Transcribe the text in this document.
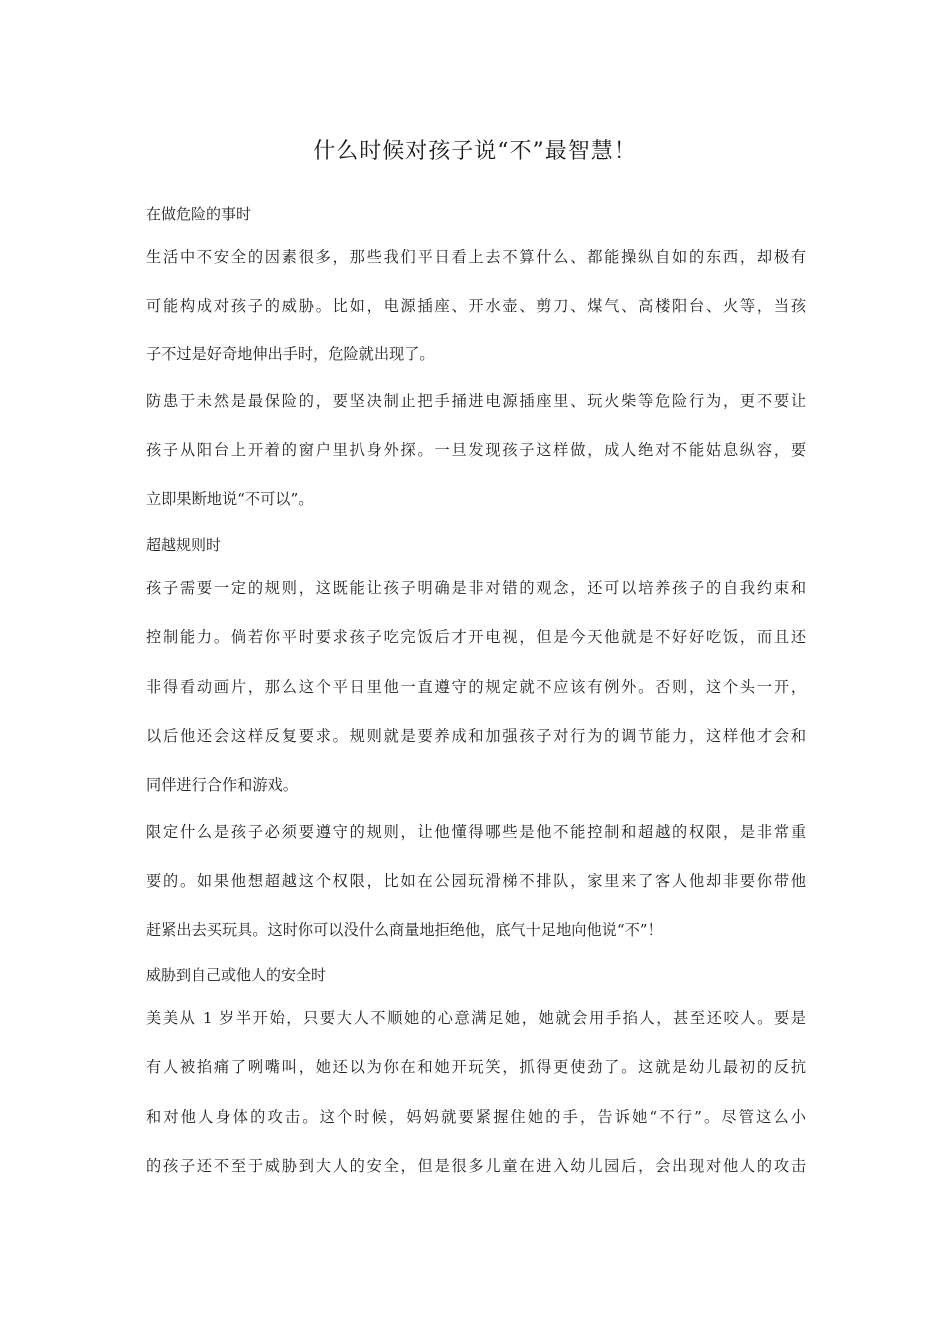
什么时候对孩子说“不”最智慧！
在做危险的事时
生活中不安全的因素很多，那些我们平日看上去不算什么、都能操纵自如的东西，却极有
可能构成对孩子的威胁。比如，电源插座、开水壶、剪刀、煤气、高楼阳台、火等，当孩
子不过是好奇地伸出手时，危险就出现了。
防患于未然是最保险的，要坚决制止把手捅进电源插座里、玩火柴等危险行为，更不要让
孩子从阳台上开着的窗户里扒身外探。一旦发现孩子这样做，成人绝对不能姑息纵容，要
立即果断地说“不可以”。
超越规则时
孩子需要一定的规则，这既能让孩子明确是非对错的观念，还可以培养孩子的自我约束和
控制能力。倘若你平时要求孩子吃完饭后才开电视，但是今天他就是不好好吃饭，而且还
非得看动画片，那么这个平日里他一直遵守的规定就不应该有例外。否则，这个头一开，
以后他还会这样反复要求。规则就是要养成和加强孩子对行为的调节能力，这样他才会和
同伴进行合作和游戏。
限定什么是孩子必须要遵守的规则，让他懂得哪些是他不能控制和超越的权限，是非常重
要的。如果他想超越这个权限，比如在公园玩滑梯不排队，家里来了客人他却非要你带他
赶紧出去买玩具。这时你可以没什么商量地拒绝他，底气十足地向他说“不”！
威胁到自己或他人的安全时
美美从 1 岁半开始，只要大人不顺她的心意满足她，她就会用手掐人，甚至还咬人。要是
有人被掐痛了咧嘴叫，她还以为你在和她开玩笑，抓得更使劲了。这就是幼儿最初的反抗
和对他人身体的攻击。这个时候，妈妈就要紧握住她的手，告诉她“不行”。尽管这么小
的孩子还不至于威胁到大人的安全，但是很多儿童在进入幼儿园后，会出现对他人的攻击
